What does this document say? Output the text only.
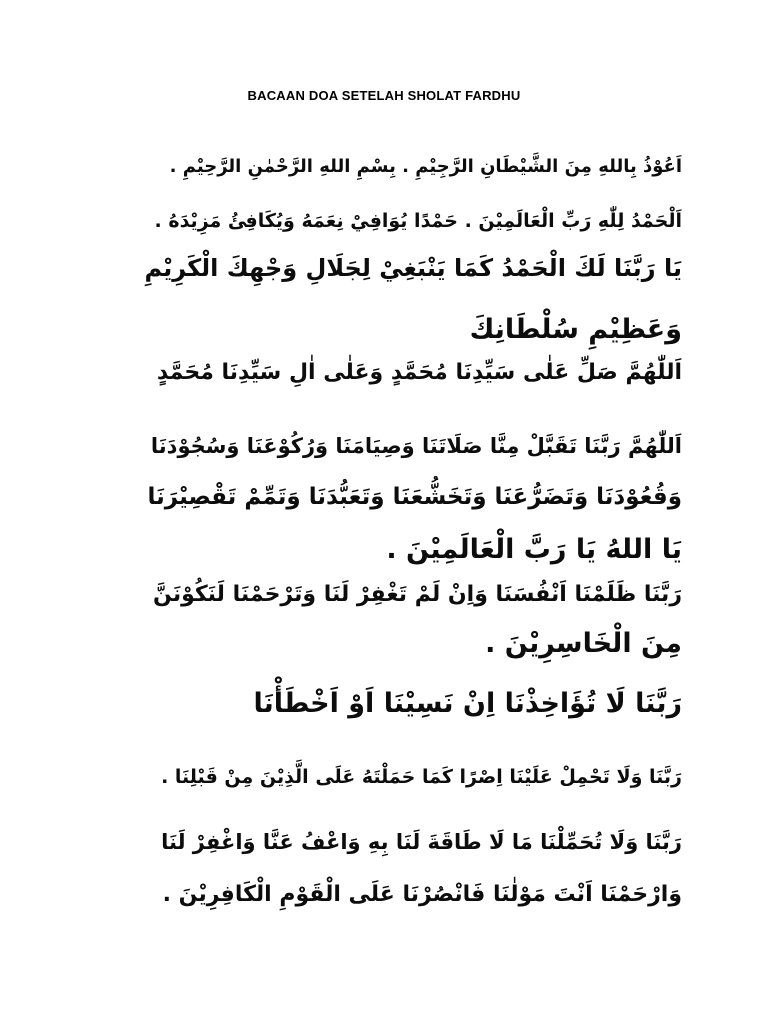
BACAAN DOA SETELAH SHOLAT FARDHU
اَعُوْذُ بِاللهِ مِنَ الشَّيْطَانِ الرَّجِيْمِ . بِسْمِ اللهِ الرَّحْمٰنِ الرَّحِيْمِ .
اَلْحَمْدُ لِلّٰهِ رَبِّ الْعَالَمِيْنَ . حَمْدًا يُوَافِيْ نِعَمَهُ وَيُكَافِئُ مَزِيْدَهُ .
يَا رَبَّنَا لَكَ الْحَمْدُ كَمَا يَنْبَغِيْ لِجَلَالِ وَجْهِكَ الْكَرِيْمِ
وَعَظِيْمِ سُلْطَانِكَ
اَللّٰهُمَّ صَلِّ عَلٰى سَيِّدِنَا مُحَمَّدٍ وَعَلٰى اٰلِ سَيِّدِنَا مُحَمَّدٍ
اَللّٰهُمَّ رَبَّنَا تَقَبَّلْ مِنَّا صَلَاتَنَا وَصِيَامَنَا وَرُكُوْعَنَا وَسُجُوْدَنَا
وَقُعُوْدَنَا وَتَضَرُّعَنَا وَتَخَشُّعَنَا وَتَعَبُّدَنَا وَتَمِّمْ تَقْصِيْرَنَا
يَا اللهُ يَا رَبَّ الْعَالَمِيْنَ .
رَبَّنَا ظَلَمْنَا اَنْفُسَنَا وَاِنْ لَمْ تَغْفِرْ لَنَا وَتَرْحَمْنَا لَنَكُوْنَنَّ
مِنَ الْخَاسِرِيْنَ .
رَبَّنَا لَا تُؤَاخِذْنَا اِنْ نَسِيْنَا اَوْ اَخْطَأْنَا
رَبَّنَا وَلَا تَحْمِلْ عَلَيْنَا اِصْرًا كَمَا حَمَلْتَهُ عَلَى الَّذِيْنَ مِنْ قَبْلِنَا .
رَبَّنَا وَلَا تُحَمِّلْنَا مَا لَا طَاقَةَ لَنَا بِهِ وَاعْفُ عَنَّا وَاغْفِرْ لَنَا
وَارْحَمْنَا اَنْتَ مَوْلٰنَا فَانْصُرْنَا عَلَى الْقَوْمِ الْكَافِرِيْنَ .
